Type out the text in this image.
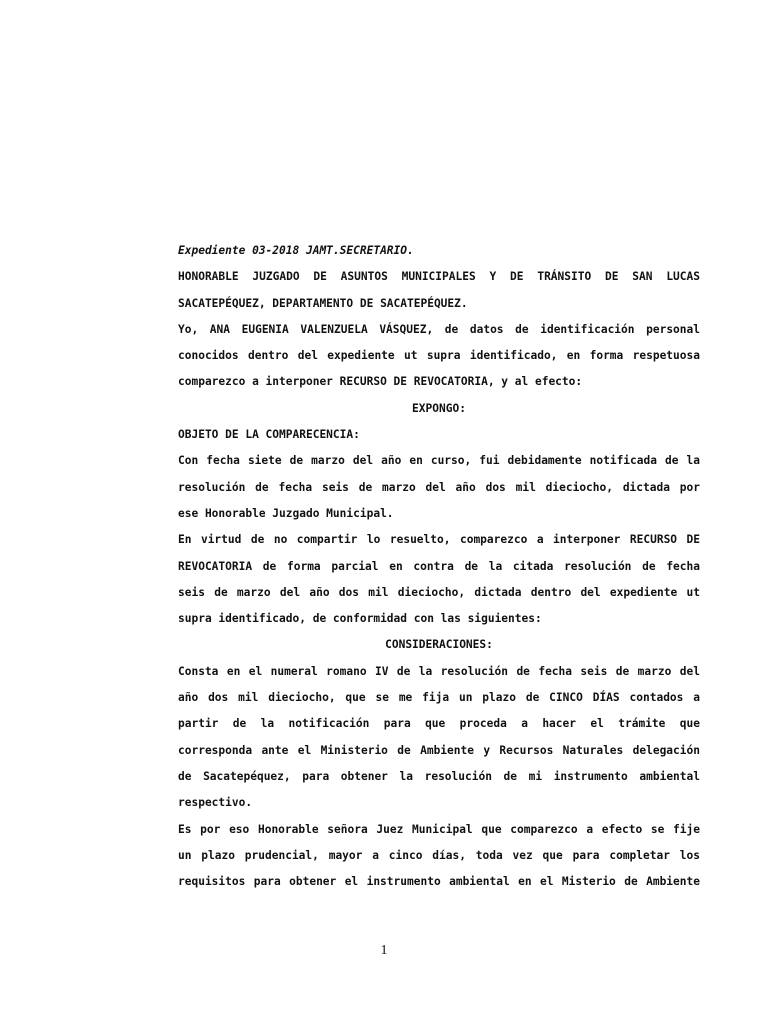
Expediente 03-2018 JAMT.SECRETARIO.
HONORABLE JUZGADO DE ASUNTOS MUNICIPALES Y DE TRÁNSITO DE SAN LUCAS
SACATEPÉQUEZ, DEPARTAMENTO DE SACATEPÉQUEZ.
Yo, ANA EUGENIA VALENZUELA VÁSQUEZ, de datos de identificación personal
conocidos dentro del expediente ut supra identificado, en forma respetuosa
comparezco a interponer RECURSO DE REVOCATORIA, y al efecto:
EXPONGO:
OBJETO DE LA COMPARECENCIA:
Con fecha siete de marzo del año en curso, fui debidamente notificada de la
resolución de fecha seis de marzo del año dos mil dieciocho, dictada por
ese Honorable Juzgado Municipal.
En virtud de no compartir lo resuelto, comparezco a interponer RECURSO DE
REVOCATORIA de forma parcial en contra de la citada resolución de fecha
seis de marzo del año dos mil dieciocho, dictada dentro del expediente ut
supra identificado, de conformidad con las siguientes:
CONSIDERACIONES:
Consta en el numeral romano IV de la resolución de fecha seis de marzo del
año dos mil dieciocho, que se me fija un plazo de CINCO DÍAS contados a
partir de la notificación para que proceda a hacer el trámite que
corresponda ante el Ministerio de Ambiente y Recursos Naturales delegación
de Sacatepéquez, para obtener la resolución de mi instrumento ambiental
respectivo.
Es por eso Honorable señora Juez Municipal que comparezco a efecto se fije
un plazo prudencial, mayor a cinco días, toda vez que para completar los
requisitos para obtener el instrumento ambiental en el Misterio de Ambiente
1
